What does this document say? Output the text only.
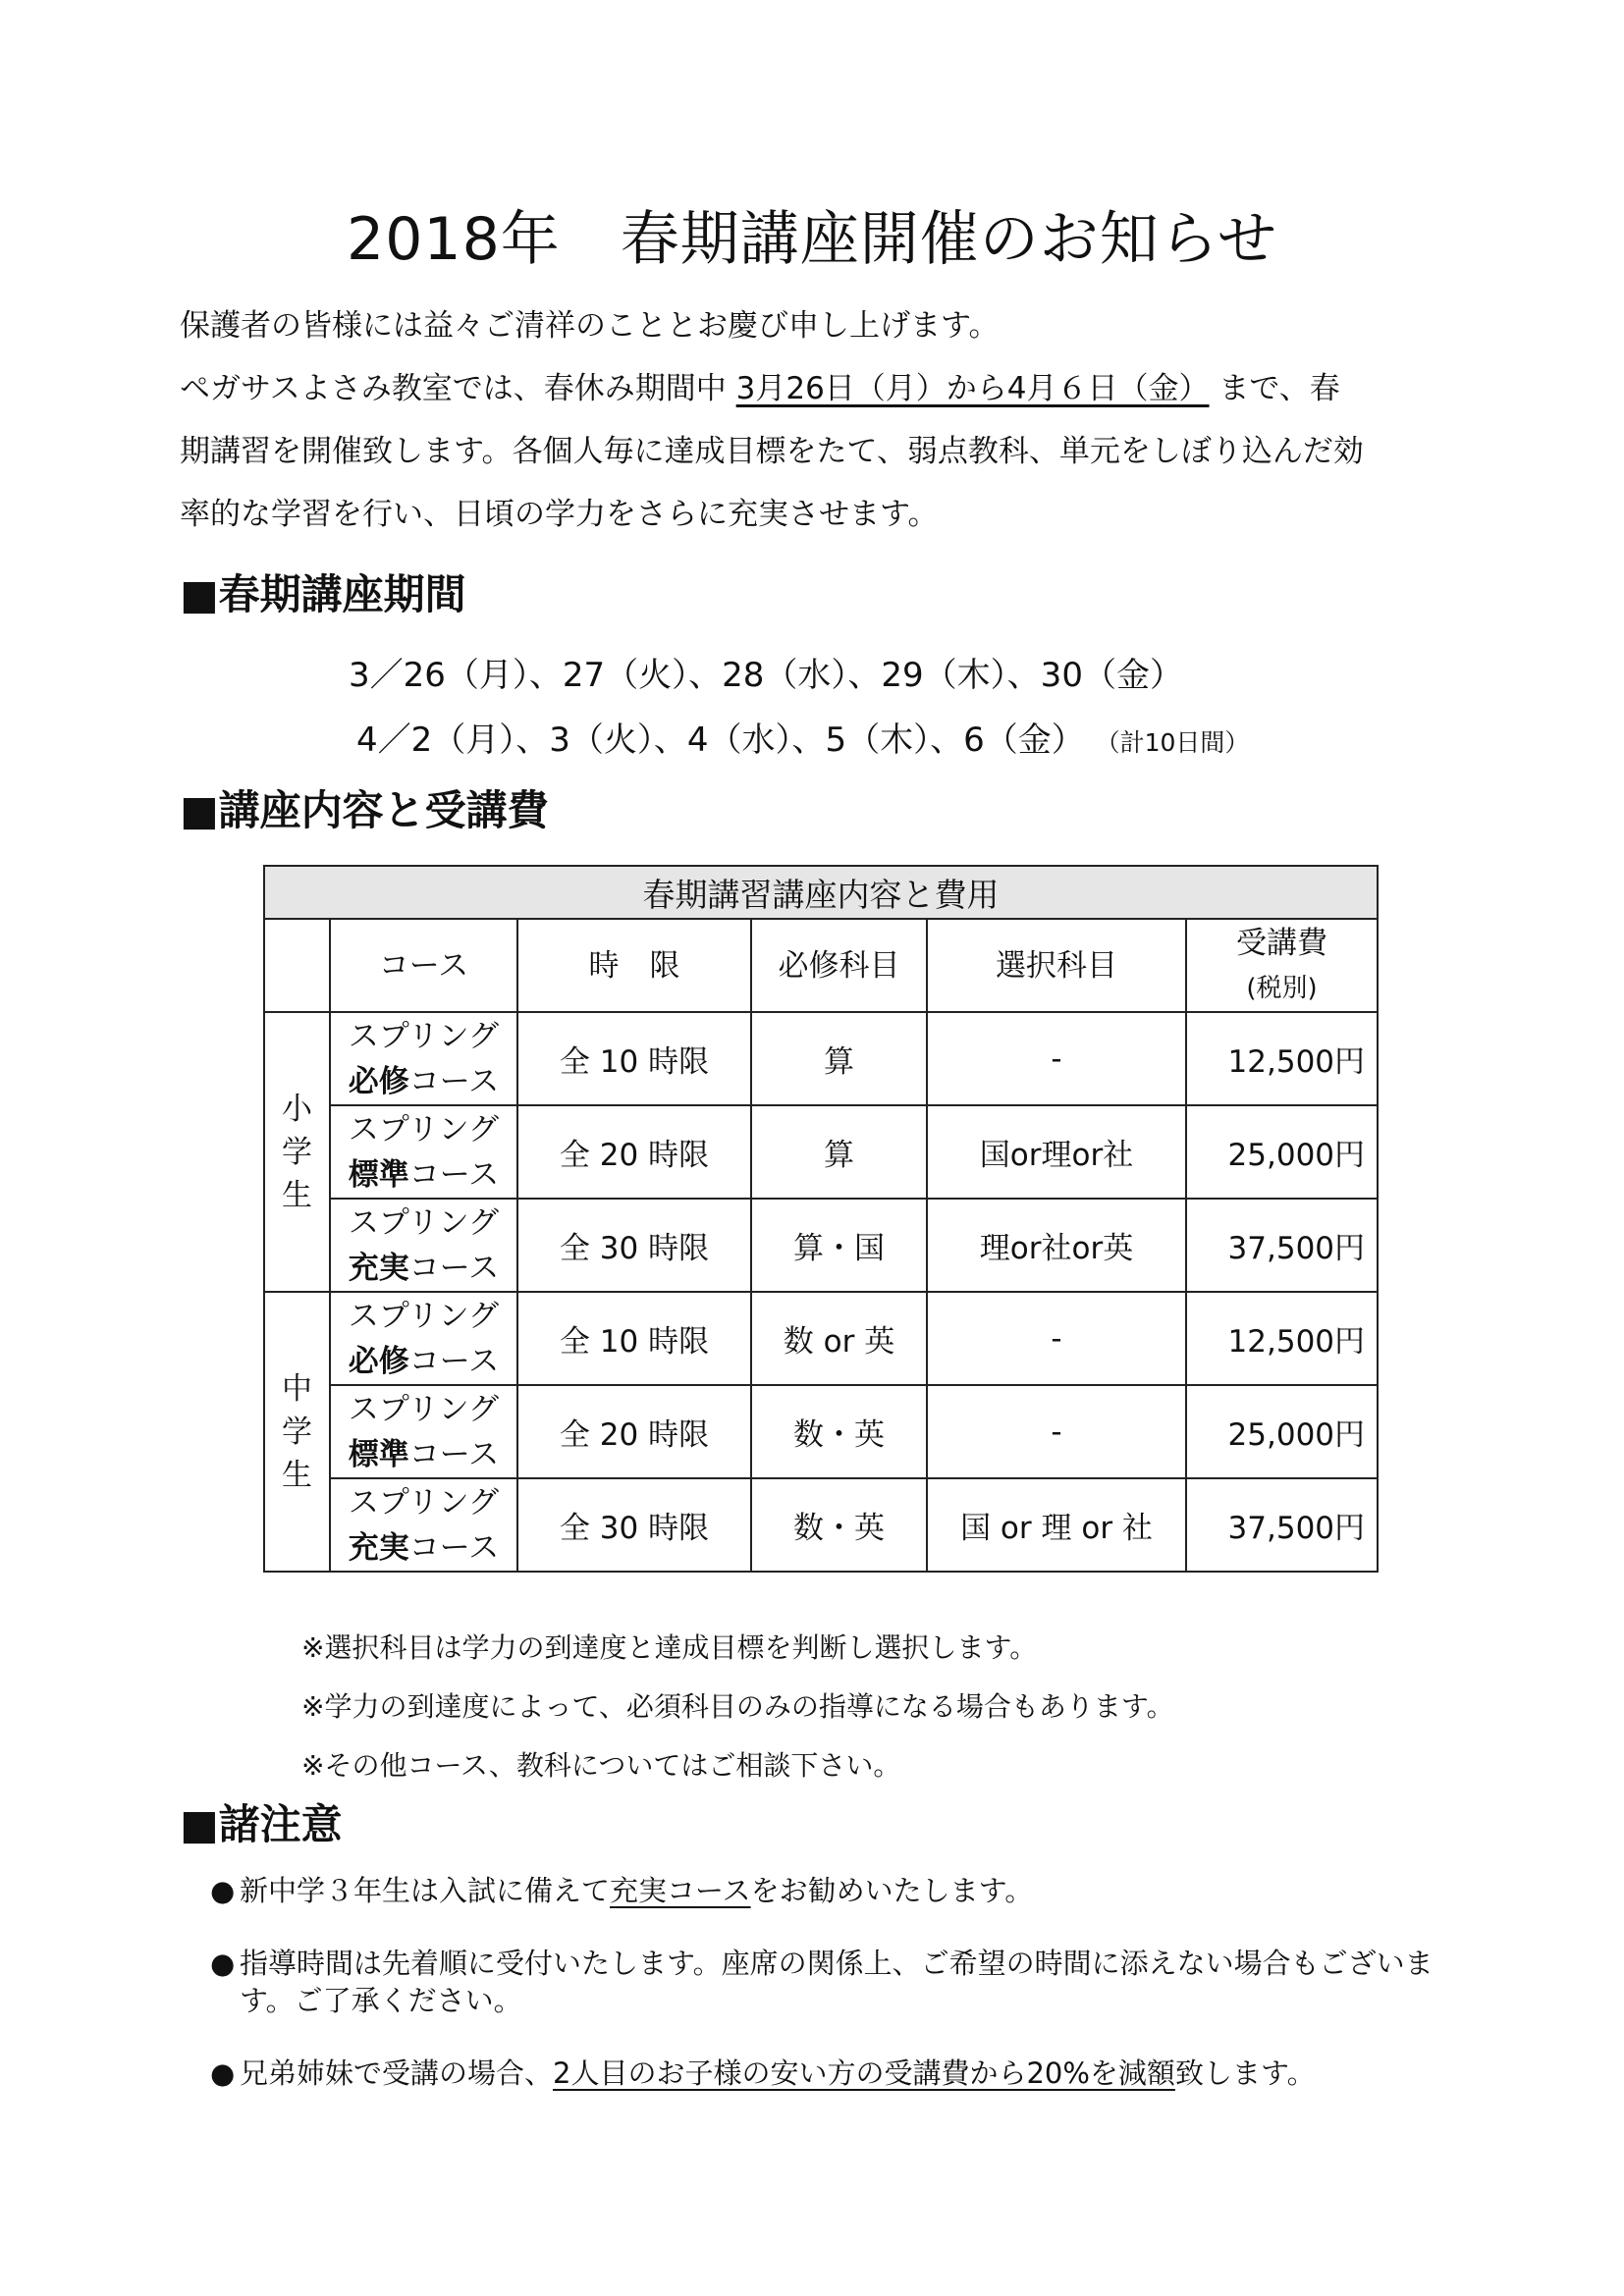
2018年　春期講座開催のお知らせ

保護者の皆様には益々ご清祥のこととお慶び申し上げます。

ペガサスよさみ教室では、春休み期間中 3月26日（月）から4月６日（金） まで、春

期講習を開催致します。各個人毎に達成目標をたて、弱点教科、単元をしぼり込んだ効

率的な学習を行い、日頃の学力をさらに充実させます。

■春期講座期間

3／26（月）、27（火）、28（水）、29（木）、30（金）

4／2（月）、3（火）、4（水）、5（木）、6（金） （計10日間）

■講座内容と受講費
春期講習講座内容と費用					
	コース	時　限	必修科目	選択科目	受講費
(税別)
小
学
生	スプリング
必修コース	全 10 時限	算	-	12,500円
	スプリング
標準コース	全 20 時限	算	国or理or社	25,000円
	スプリング
充実コース	全 30 時限	算・国	理or社or英	37,500円
中
学
生	スプリング
必修コース	全 10 時限	数 or 英	-	12,500円
	スプリング
標準コース	全 20 時限	数・英	-	25,000円
	スプリング
充実コース	全 30 時限	数・英	国 or 理 or 社	37,500円

※選択科目は学力の到達度と達成目標を判断し選択します。

※学力の到達度によって、必須科目のみの指導になる場合もあります。

※その他コース、教科についてはご相談下さい。

■諸注意
● 新中学３年生は入試に備えて充実コースをお勧めいたします。
● 指導時間は先着順に受付いたします。座席の関係上、ご希望の時間に添えない場合もございます。ご了承ください。
● 兄弟姉妹で受講の場合、2人目のお子様の安い方の受講費から20%を減額致します。
